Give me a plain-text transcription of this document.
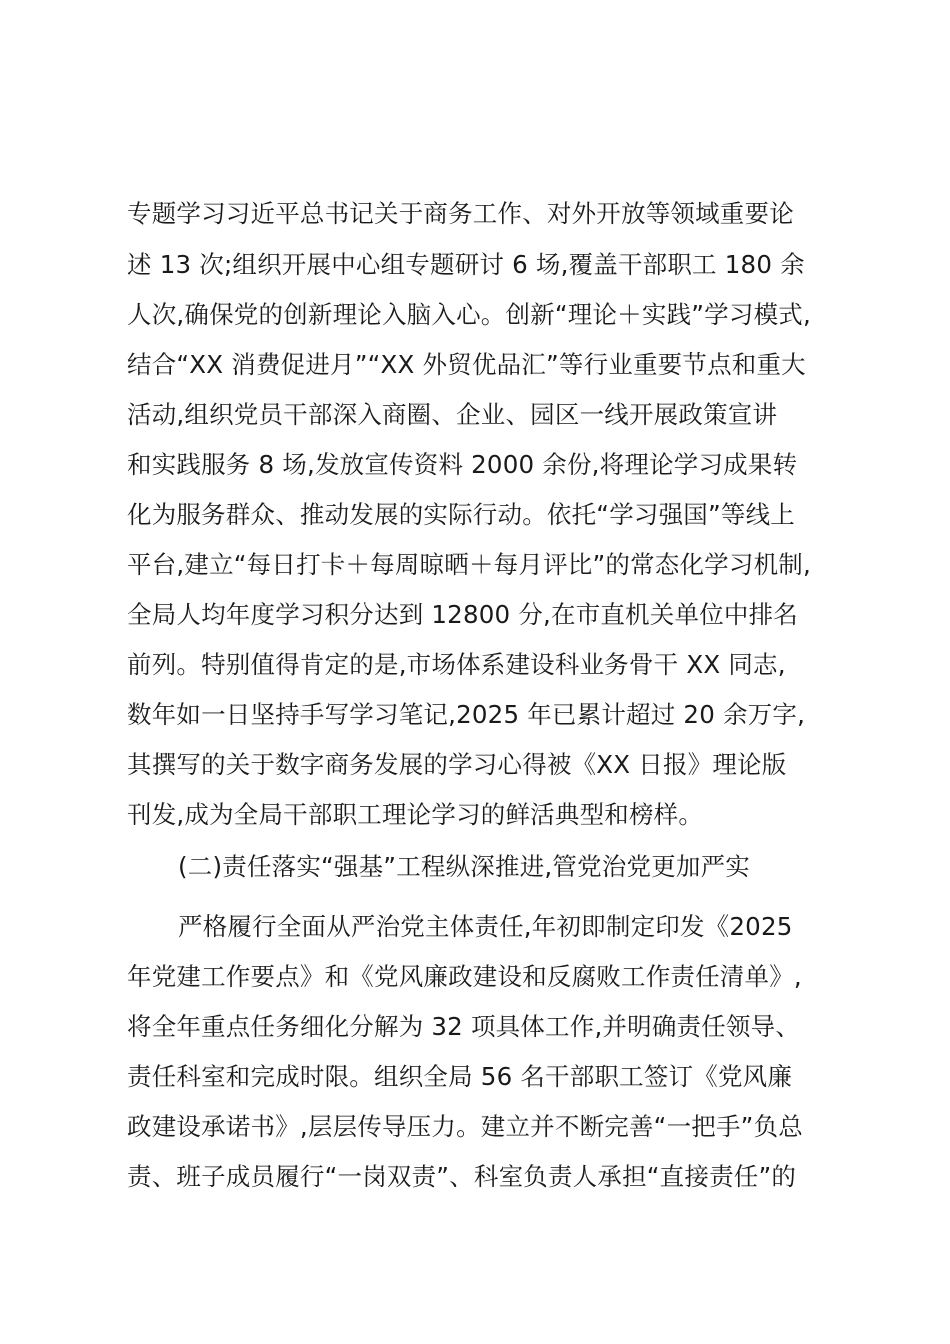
专题学习习近平总书记关于商务工作、对外开放等领域重要论
述 13 次;组织开展中心组专题研讨 6 场,覆盖干部职工 180 余
人次,确保党的创新理论入脑入心。创新“理论＋实践”学习模式,
结合“XX 消费促进月”“XX 外贸优品汇”等行业重要节点和重大
活动,组织党员干部深入商圈、企业、园区一线开展政策宣讲
和实践服务 8 场,发放宣传资料 2000 余份,将理论学习成果转
化为服务群众、推动发展的实际行动。依托“学习强国”等线上
平台,建立“每日打卡＋每周晾晒＋每月评比”的常态化学习机制,
全局人均年度学习积分达到 12800 分,在市直机关单位中排名
前列。特别值得肯定的是,市场体系建设科业务骨干 XX 同志,
数年如一日坚持手写学习笔记,2025 年已累计超过 20 余万字,
其撰写的关于数字商务发展的学习心得被《XX 日报》理论版
刊发,成为全局干部职工理论学习的鲜活典型和榜样。
(二)责任落实“强基”工程纵深推进,管党治党更加严实
严格履行全面从严治党主体责任,年初即制定印发《2025
年党建工作要点》和《党风廉政建设和反腐败工作责任清单》,
将全年重点任务细化分解为 32 项具体工作,并明确责任领导、
责任科室和完成时限。组织全局 56 名干部职工签订《党风廉
政建设承诺书》,层层传导压力。建立并不断完善“一把手”负总
责、班子成员履行“一岗双责”、科室负责人承担“直接责任”的
